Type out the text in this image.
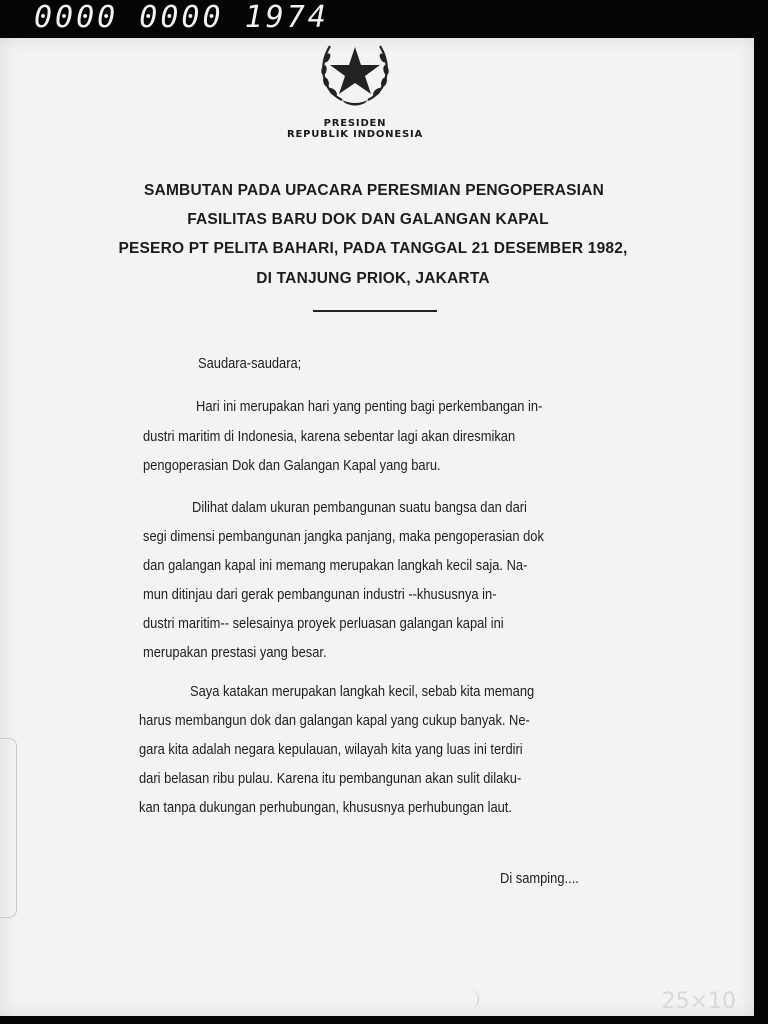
0000 0000 1974
PRESIDEN
REPUBLIK INDONESIA
SAMBUTAN PADA UPACARA PERESMIAN PENGOPERASIAN
FASILITAS BARU DOK DAN GALANGAN KAPAL
PESERO PT PELITA BAHARI, PADA TANGGAL 21 DESEMBER 1982,
DI TANJUNG PRIOK, JAKARTA
Saudara-saudara;
Hari ini merupakan hari yang penting bagi perkembangan in-
dustri maritim di Indonesia, karena sebentar lagi akan diresmikan
pengoperasian Dok dan Galangan Kapal yang baru.
Dilihat dalam ukuran pembangunan suatu bangsa dan dari
segi dimensi pembangunan jangka panjang, maka pengoperasian dok
dan galangan kapal ini memang merupakan langkah kecil saja. Na-
mun ditinjau dari gerak pembangunan industri --khususnya in-
dustri maritim-- selesainya proyek perluasan galangan kapal ini
merupakan prestasi yang besar.
Saya katakan merupakan langkah kecil, sebab kita memang
harus membangun dok dan galangan kapal yang cukup banyak. Ne-
gara kita adalah negara kepulauan, wilayah kita yang luas ini terdiri
dari belasan ribu pulau. Karena itu pembangunan akan sulit dilaku-
kan tanpa dukungan perhubungan, khususnya perhubungan laut.
Di samping....
25×10
